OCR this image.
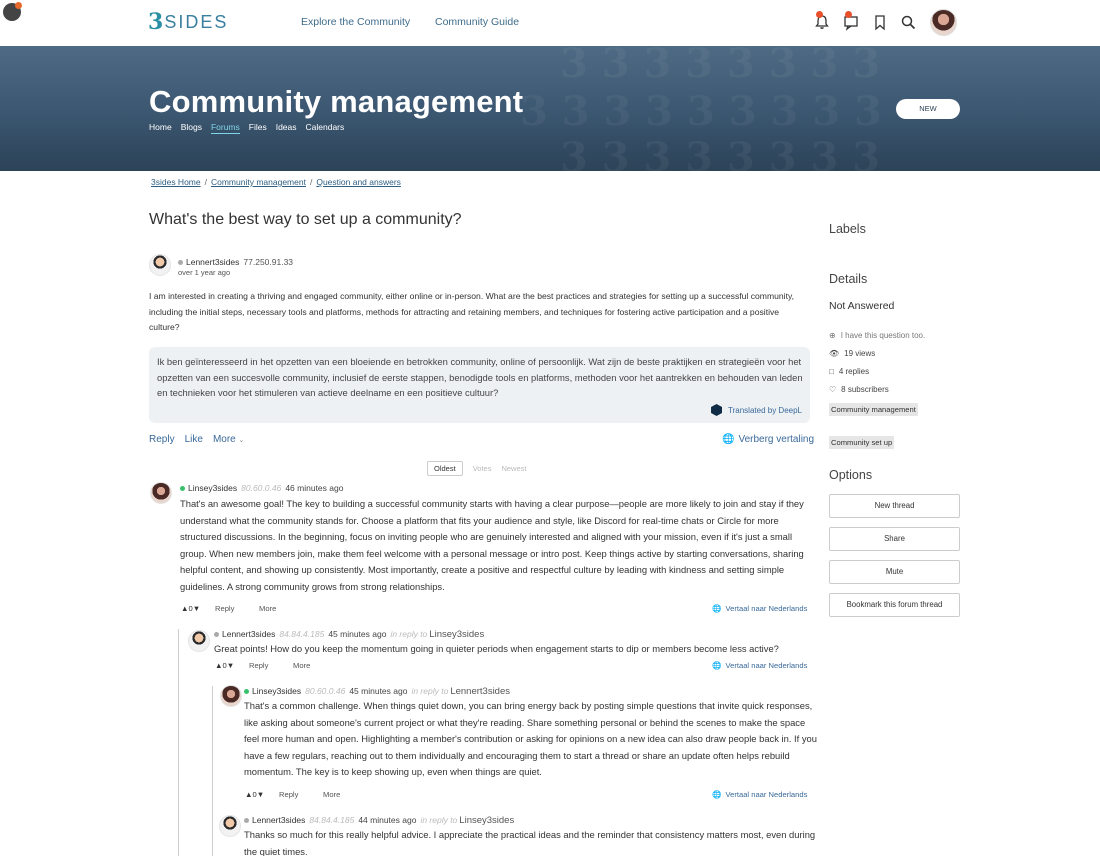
3 SIDES	Explore the Community Community Guide
3 3 3 3 3 3 3 3
3 3 3 3 3 3 3 3 3
3 3 3 3 3 3 3 3
Community management
Home Blogs Forums Files Ideas Calendars
NEW
3sides Home / Community management / Question and answers
What's the best way to set up a community?
Lennert3sides 77.250.91.33
over 1 year ago
I am interested in creating a thriving and engaged community, either online or in-person. What are the best practices and strategies for setting up a successful community, including the initial steps, necessary tools and platforms, methods for attracting and retaining members, and techniques for fostering active participation and a positive culture?

Ik ben geïnteresseerd in het opzetten van een bloeiende en betrokken community, online of persoonlijk. Wat zijn de beste praktijken en strategieën voor het opzetten van een succesvolle community, inclusief de eerste stappen, benodigde tools en platforms, methoden voor het aantrekken en behouden van leden en technieken voor het stimuleren van actieve deelname en een positieve cultuur?

Translated by DeepL
Reply Like More ⌄	🌐 Verberg vertaling
Oldest	Votes Newest
Linsey3sides 80.60.0.46 46 minutes ago
That's an awesome goal! The key to building a successful community starts with having a clear purpose—people are more likely to join and stay if they understand what the community stands for. Choose a platform that fits your audience and style, like Discord for real-time chats or Circle for more structured discussions. In the beginning, focus on inviting people who are genuinely interested and aligned with your mission, even if it's just a small group. When new members join, make them feel welcome with a personal message or intro post. Keep things active by starting conversations, sharing helpful content, and showing up consistently. Most importantly, create a positive and respectful culture by leading with kindness and setting simple guidelines. A strong community grows from strong relationships.
▲0▼	Reply	More	🌐 Vertaal naar Nederlands
Lennert3sides 84.84.4.185 45 minutes ago in reply to Linsey3sides
Great points! How do you keep the momentum going in quieter periods when engagement starts to dip or members become less active?
▲0▼	Reply	More	🌐 Vertaal naar Nederlands
Linsey3sides 80.60.0.46 45 minutes ago in reply to Lennert3sides
That's a common challenge. When things quiet down, you can bring energy back by posting simple questions that invite quick responses, like asking about someone's current project or what they're reading. Share something personal or behind the scenes to make the space feel more human and open. Highlighting a member's contribution or asking for opinions on a new idea can also draw people back in. If you have a few regulars, reaching out to them individually and encouraging them to start a thread or share an update often helps rebuild momentum. The key is to keep showing up, even when things are quiet.
▲0▼	Reply	More	🌐 Vertaal naar Nederlands
Lennert3sides 84.84.4.185 44 minutes ago in reply to Linsey3sides
Thanks so much for this really helpful advice. I appreciate the practical ideas and the reminder that consistency matters most, even during the quiet times.
Labels
Details
Not Answered
⊕ I have this question too.
👁 19 views
□ 4 replies
♡ 8 subscribers
Community management
Community set up
Options
New thread
Share
Mute
Bookmark this forum thread
